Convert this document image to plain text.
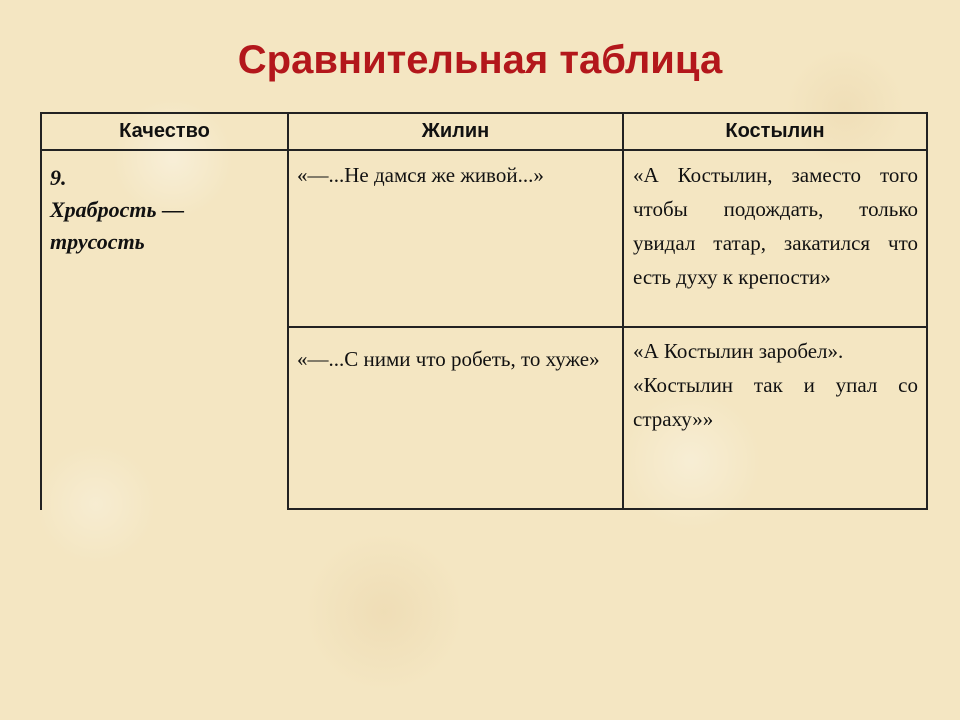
Сравнительная таблица
Качество	Жилин	Костылин
9.
Храбрость —
трусость

«—...Не дамся же живой...»

«—...С ними что робеть, то хуже»

«А Костылин, заместо того чтобы подождать, только увидал татар, закатился что есть духу к крепости»

«А Костылин заробел».

«Костылин так и упал со страху»»
